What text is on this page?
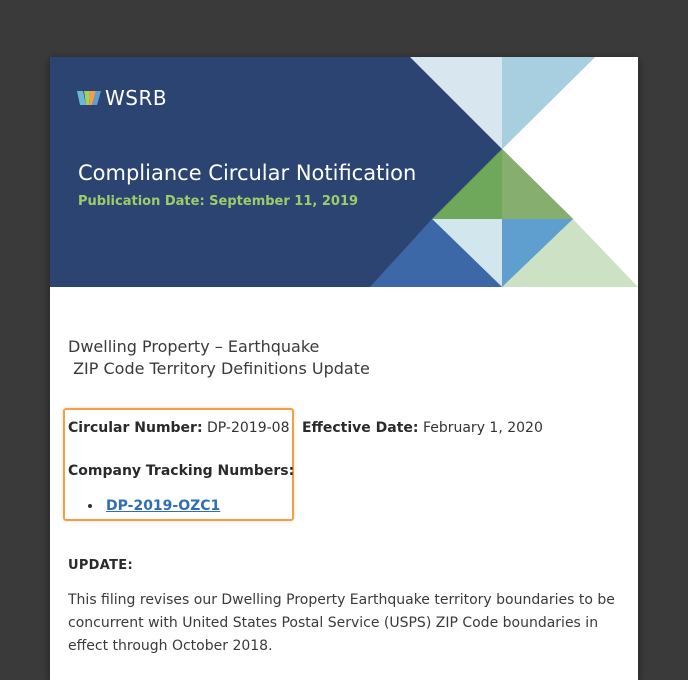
WSRB
Compliance Circular Notification
Publication Date: September 11, 2019
Dwelling Property – Earthquake
ZIP Code Territory Definitions Update
Circular Number: DP-2019-08 Effective Date: February 1, 2020
Company Tracking Numbers:
DP-2019-OZC1
UPDATE:

This filing revises our Dwelling Property Earthquake territory boundaries to be concurrent with United States Postal Service (USPS) ZIP Code boundaries in effect through October 2018.
